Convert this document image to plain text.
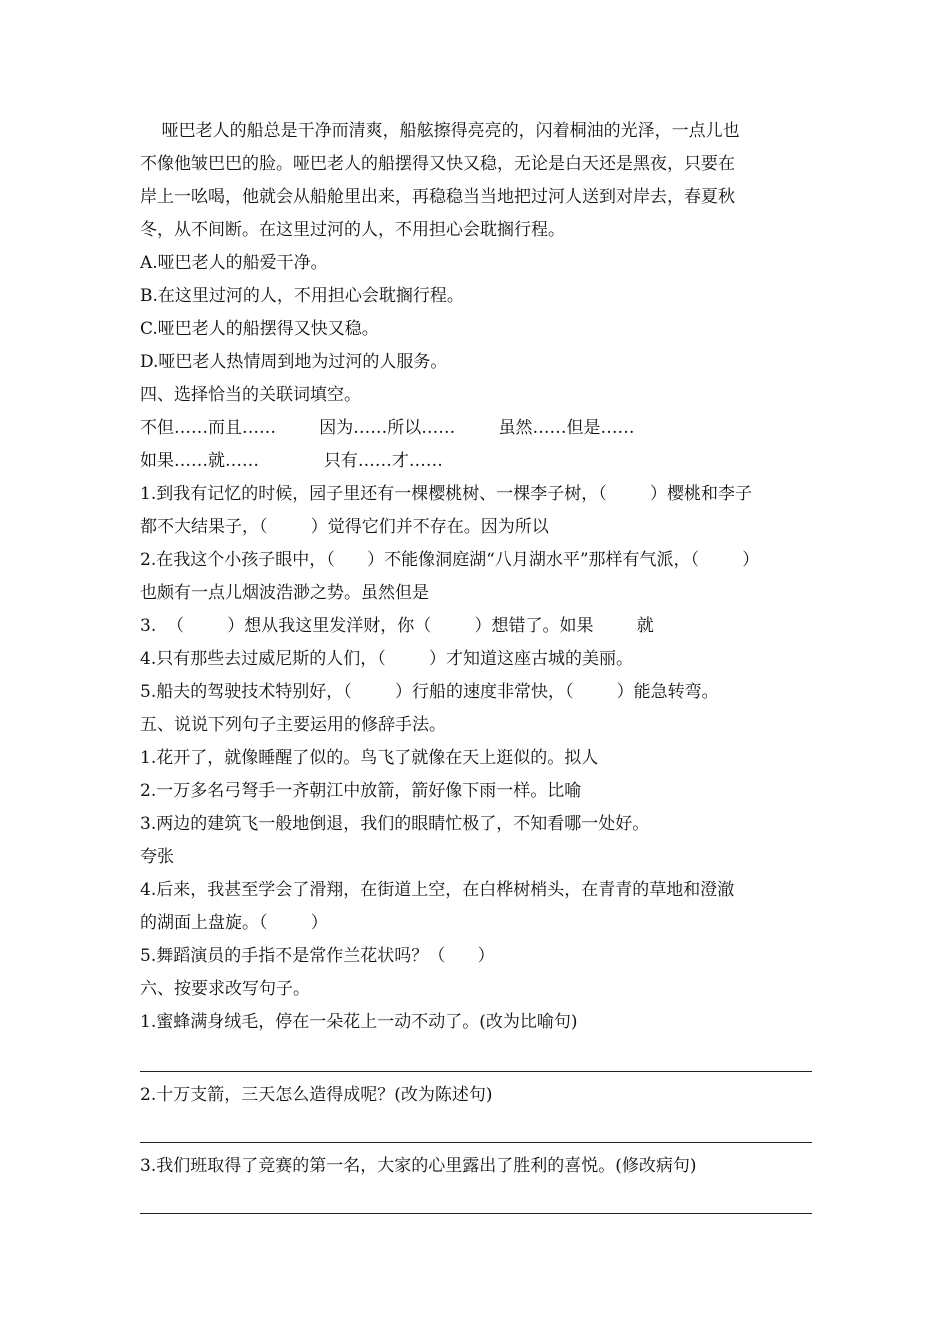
哑巴老人的船总是干净而清爽，船舷擦得亮亮的，闪着桐油的光泽，一点儿也
不像他皱巴巴的脸。哑巴老人的船摆得又快又稳，无论是白天还是黑夜，只要在
岸上一吆喝，他就会从船舱里出来，再稳稳当当地把过河人送到对岸去，春夏秋
冬，从不间断。在这里过河的人，不用担心会耽搁行程。
A.哑巴老人的船爱干净。
B.在这里过河的人，不用担心会耽搁行程。
C.哑巴老人的船摆得又快又稳。
D.哑巴老人热情周到地为过河的人服务。
四、选择恰当的关联词填空。
不但……而且……        因为……所以……        虽然……但是……
如果……就……            只有……才……
1.到我有记忆的时候，园子里还有一棵樱桃树、一棵李子树，（        ）樱桃和李子
都不大结果子，（        ）觉得它们并不存在。因为所以
2.在我这个小孩子眼中，（      ）不能像洞庭湖“八月湖水平”那样有气派，（        ）
也颇有一点儿烟波浩渺之势。虽然但是
3.  （        ）想从我这里发洋财，你（        ）想错了。如果        就
4.只有那些去过威尼斯的人们，（        ）才知道这座古城的美丽。
5.船夫的驾驶技术特别好，（        ）行船的速度非常快，（        ）能急转弯。
五、说说下列句子主要运用的修辞手法。
1.花开了，就像睡醒了似的。鸟飞了就像在天上逛似的。拟人
2.一万多名弓弩手一齐朝江中放箭，箭好像下雨一样。比喻
3.两边的建筑飞一般地倒退，我们的眼睛忙极了，不知看哪一处好。
夸张
4.后来，我甚至学会了滑翔，在街道上空，在白桦树梢头，在青青的草地和澄澈
的湖面上盘旋。（        ）
5.舞蹈演员的手指不是常作兰花状吗？（      ）
六、按要求改写句子。
1.蜜蜂满身绒毛，停在一朵花上一动不动了。(改为比喻句)
2.十万支箭，三天怎么造得成呢？(改为陈述句)
3.我们班取得了竞赛的第一名，大家的心里露出了胜利的喜悦。(修改病句)
